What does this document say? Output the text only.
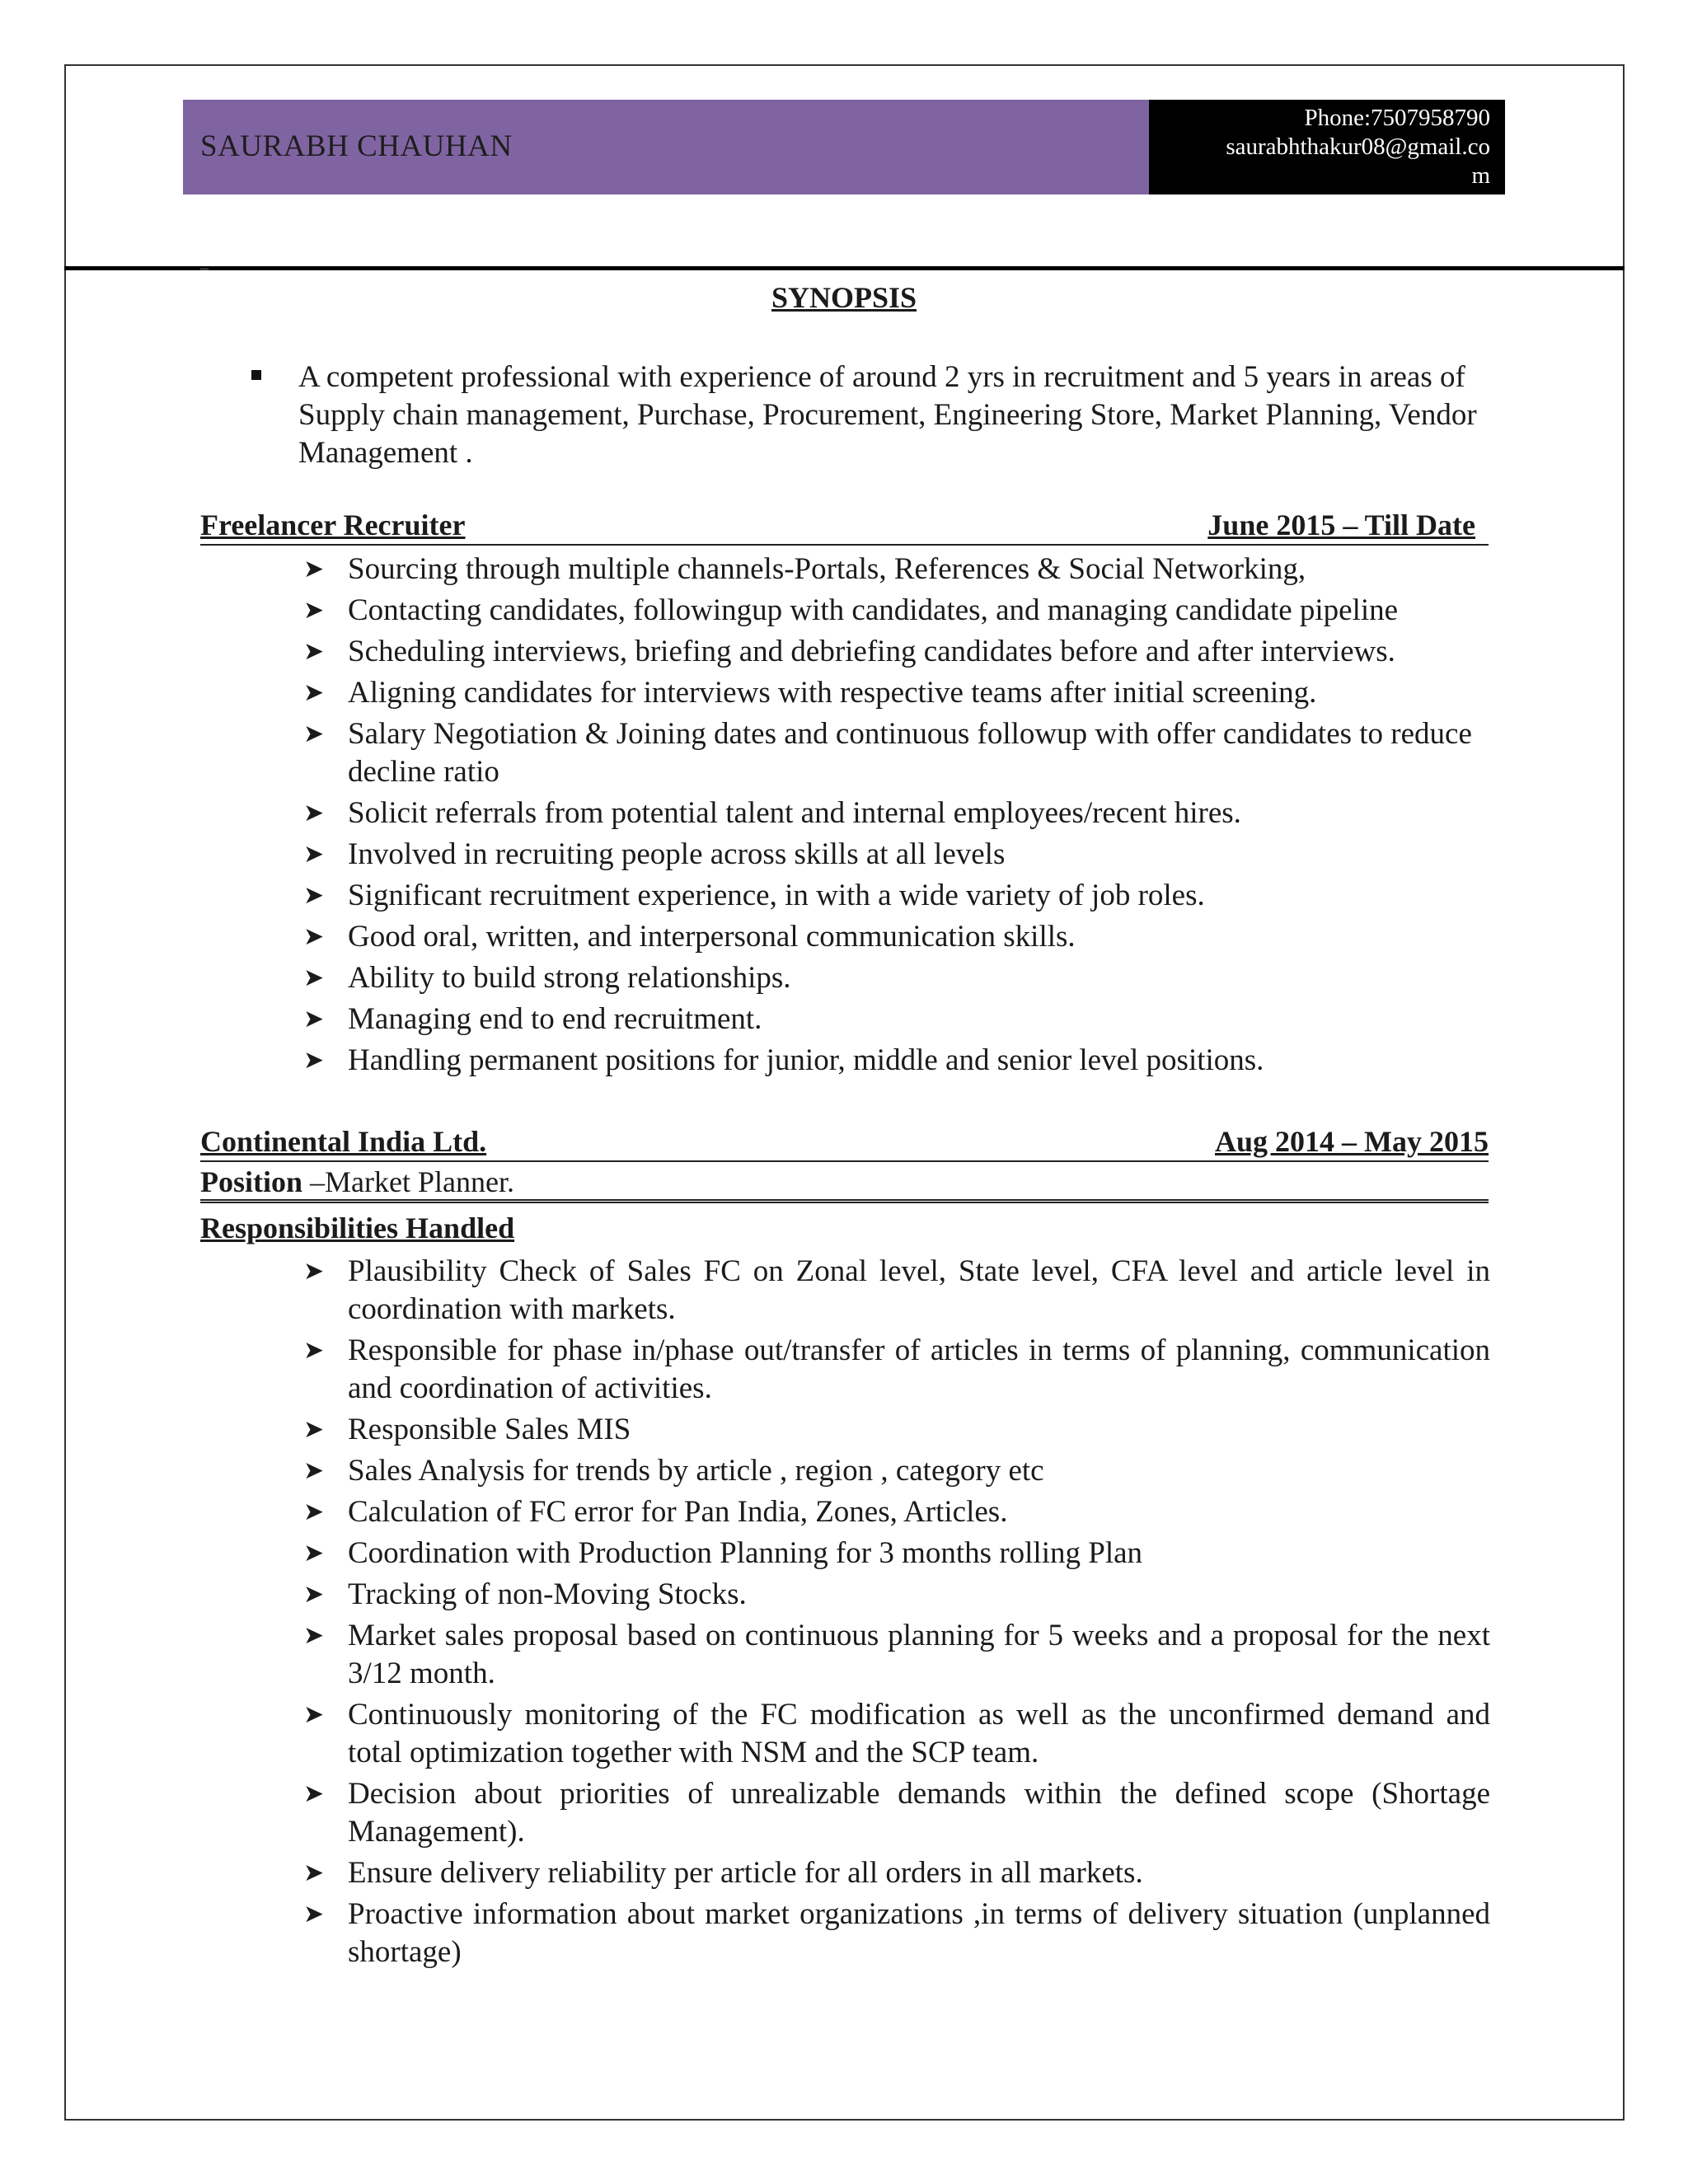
SAURABH CHAUHAN
Phone:7507958790
saurabhthakur08@gmail.co
m
SYNOPSIS
A competent professional with experience of around 2 yrs in recruitment and 5 years in areas of Supply chain management, Purchase, Procurement, Engineering Store, Market Planning, Vendor Management .
Freelancer Recruiter	June 2015 – Till Date
➤ Sourcing through multiple channels-Portals, References & Social Networking,
➤ Contacting candidates, followingup with candidates, and managing candidate pipeline
➤ Scheduling interviews, briefing and debriefing candidates before and after interviews.
➤ Aligning candidates for interviews with respective teams after initial screening.
➤ Salary Negotiation & Joining dates and continuous followup with offer candidates to reduce decline ratio
➤ Solicit referrals from potential talent and internal employees/recent hires.
➤ Involved in recruiting people across skills at all levels
➤ Significant recruitment experience, in with a wide variety of job roles.
➤ Good oral, written, and interpersonal communication skills.
➤ Ability to build strong relationships.
➤ Managing end to end recruitment.
➤ Handling permanent positions for junior, middle and senior level positions.
Continental India Ltd.	Aug 2014 – May 2015
Position –Market Planner.
Responsibilities Handled
➤ Plausibility Check of Sales FC on Zonal level, State level, CFA level and article level in coordination with markets.
➤ Responsible for phase in/phase out/transfer of articles in terms of planning, communication and coordination of activities.
➤ Responsible Sales MIS
➤ Sales Analysis for trends by article , region , category etc
➤ Calculation of FC error for Pan India, Zones, Articles.
➤ Coordination with Production Planning for 3 months rolling Plan
➤ Tracking of non-Moving Stocks.
➤ Market sales proposal based on continuous planning for 5 weeks and a proposal for the next 3/12 month.
➤ Continuously monitoring of the FC modification as well as the unconfirmed demand and total optimization together with NSM and the SCP team.
➤ Decision about priorities of unrealizable demands within the defined scope (Shortage Management).
➤ Ensure delivery reliability per article for all orders in all markets.
➤ Proactive information about market organizations ,in terms of delivery situation (unplanned shortage)
